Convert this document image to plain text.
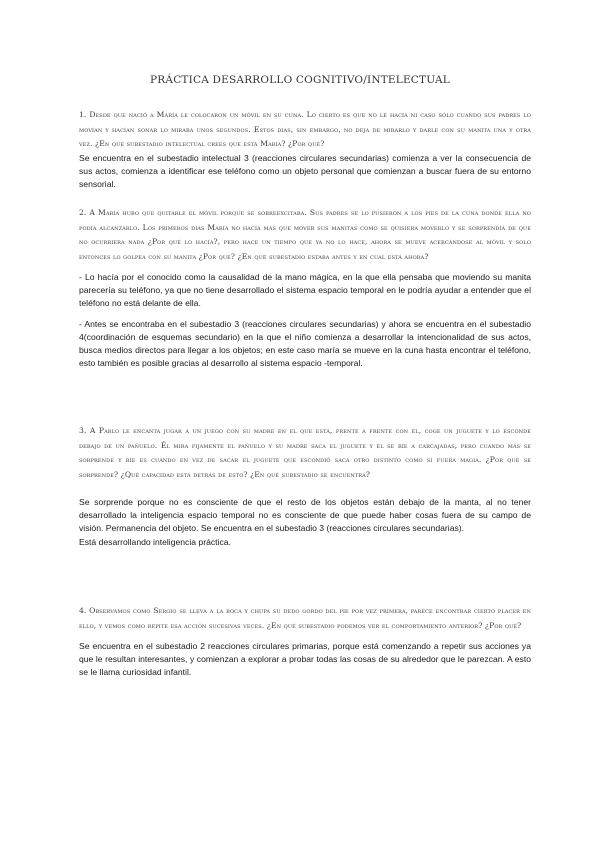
PRÁCTICA DESARROLLO COGNITIVO/INTELECTUAL

1. Desde que nació a María le colocaron un móvil en su cuna. Lo cierto es que no le hacía ni caso sólo cuando sus padres lo movían y hacían sonar lo miraba unos segundos. Estos días, sin embargo, no deja de mirarlo y darle con su manita una y otra vez. ¿En qué subestadio intelectual crees que está María? ¿Por qué?

Se encuentra en el subestadio intelectual 3 (reacciones circulares secundarias) comienza a ver la consecuencia de sus actos, comienza a identificar ese teléfono como un objeto personal que comienzan a buscar fuera de su entorno sensorial.

2. A María hubo que quitarle el móvil porque se sobreexcitaba. Sus padres se lo pusieron a los pies de la cuna donde ella no podía alcanzarlo. Los primeros días María no hacía más que mover sus manitas como se quisiera moverlo y se sorprendía de que no ocurriera nada ¿Por qué lo hacía?, pero hace un tiempo que ya no lo hace, ahora se mueve acercándose al móvil y solo entonces lo golpea con su manita ¿Por qué? ¿En qué subestadio estaba antes y en cual está ahora?

- Lo hacía por el conocido como la causalidad de la mano mágica, en la que ella pensaba que moviendo su manita parecería su teléfono, ya que no tiene desarrollado el sistema espacio temporal en le podría ayudar a entender que el teléfono no está delante de ella.

- Antes se encontraba en el subestadio 3 (reacciones circulares secundarias) y ahora se encuentra en el subestadio 4(coordinación de esquemas secundario) en la que el niño comienza a desarrollar la intencionalidad de sus actos, busca medios directos para llegar a los objetos; en este caso maría se mueve en la cuna hasta encontrar el teléfono, esto también es posible gracias al desarrollo al sistema espacio -temporal.

3. A Pablo le encanta jugar a un juego con su madre en el que está, frente a frente con él, coge un juguete y lo esconde debajo de un pañuelo. Él mira fijamente el pañuelo y su madre saca el juguete y él se ríe a carcajadas, pero cuando más se sorprende y ríe es cuando en vez de sacar el juguete que escondió saca otro distinto como si fuera magia. ¿Por qué se sorprende? ¿Qué capacidad está detrás de esto? ¿En qué subestadio se encuentra?

Se sorprende porque no es consciente de que el resto de los objetos están debajo de la manta, al no tener desarrollado la inteligencia espacio temporal no es consciente de que puede haber cosas fuera de su campo de visión. Permanencia del objeto. Se encuentra en el subestadio 3 (reacciones circulares secundarias).

Está desarrollando inteligencia práctica.

4. Observamos como Sergio se lleva a la boca y chupa su dedo gordo del pie por vez primera, parece encontrar cierto placer en ello, y vemos como repite esa acción sucesivas veces. ¿En qué subestadio podemos ver el comportamiento anterior? ¿Por qué?

Se encuentra en el subestadio 2 reacciones circulares primarias, porque está comenzando a repetir sus acciones ya que le resultan interesantes, y comienzan a explorar a probar todas las cosas de su alrededor que le parezcan. A esto se le llama curiosidad infantil.
